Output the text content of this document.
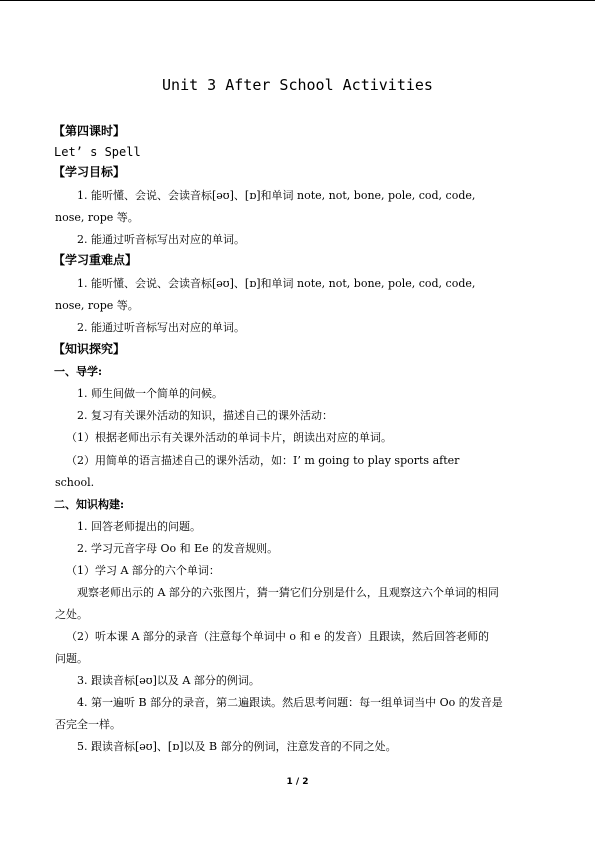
Unit 3 After School Activities
【第四课时】
Let’ s Spell
【学习目标】
1. 能听懂、会说、会读音标[əʊ]、[ɒ]和单词 note, not, bone, pole, cod, code,
nose, rope 等。
2. 能通过听音标写出对应的单词。
【学习重难点】
1. 能听懂、会说、会读音标[əʊ]、[ɒ]和单词 note, not, bone, pole, cod, code,
nose, rope 等。
2. 能通过听音标写出对应的单词。
【知识探究】
一、导学:
1. 师生间做一个简单的问候。
2. 复习有关课外活动的知识，描述自己的课外活动：
（1）根据老师出示有关课外活动的单词卡片，朗读出对应的单词。
（2）用简单的语言描述自己的课外活动，如：I’ m going to play sports after
school.
二、知识构建:
1. 回答老师提出的问题。
2. 学习元音字母 Oo 和 Ee 的发音规则。
（1）学习 A 部分的六个单词：
观察老师出示的 A 部分的六张图片，猜一猜它们分别是什么，且观察这六个单词的相同
之处。
（2）听本课 A 部分的录音（注意每个单词中 o 和 e 的发音）且跟读，然后回答老师的
问题。
3. 跟读音标[əʊ]以及 A 部分的例词。
4. 第一遍听 B 部分的录音，第二遍跟读。然后思考问题：每一组单词当中 Oo 的发音是
否完全一样。
5. 跟读音标[əʊ]、[ɒ]以及 B 部分的例词，注意发音的不同之处。
1 / 2
